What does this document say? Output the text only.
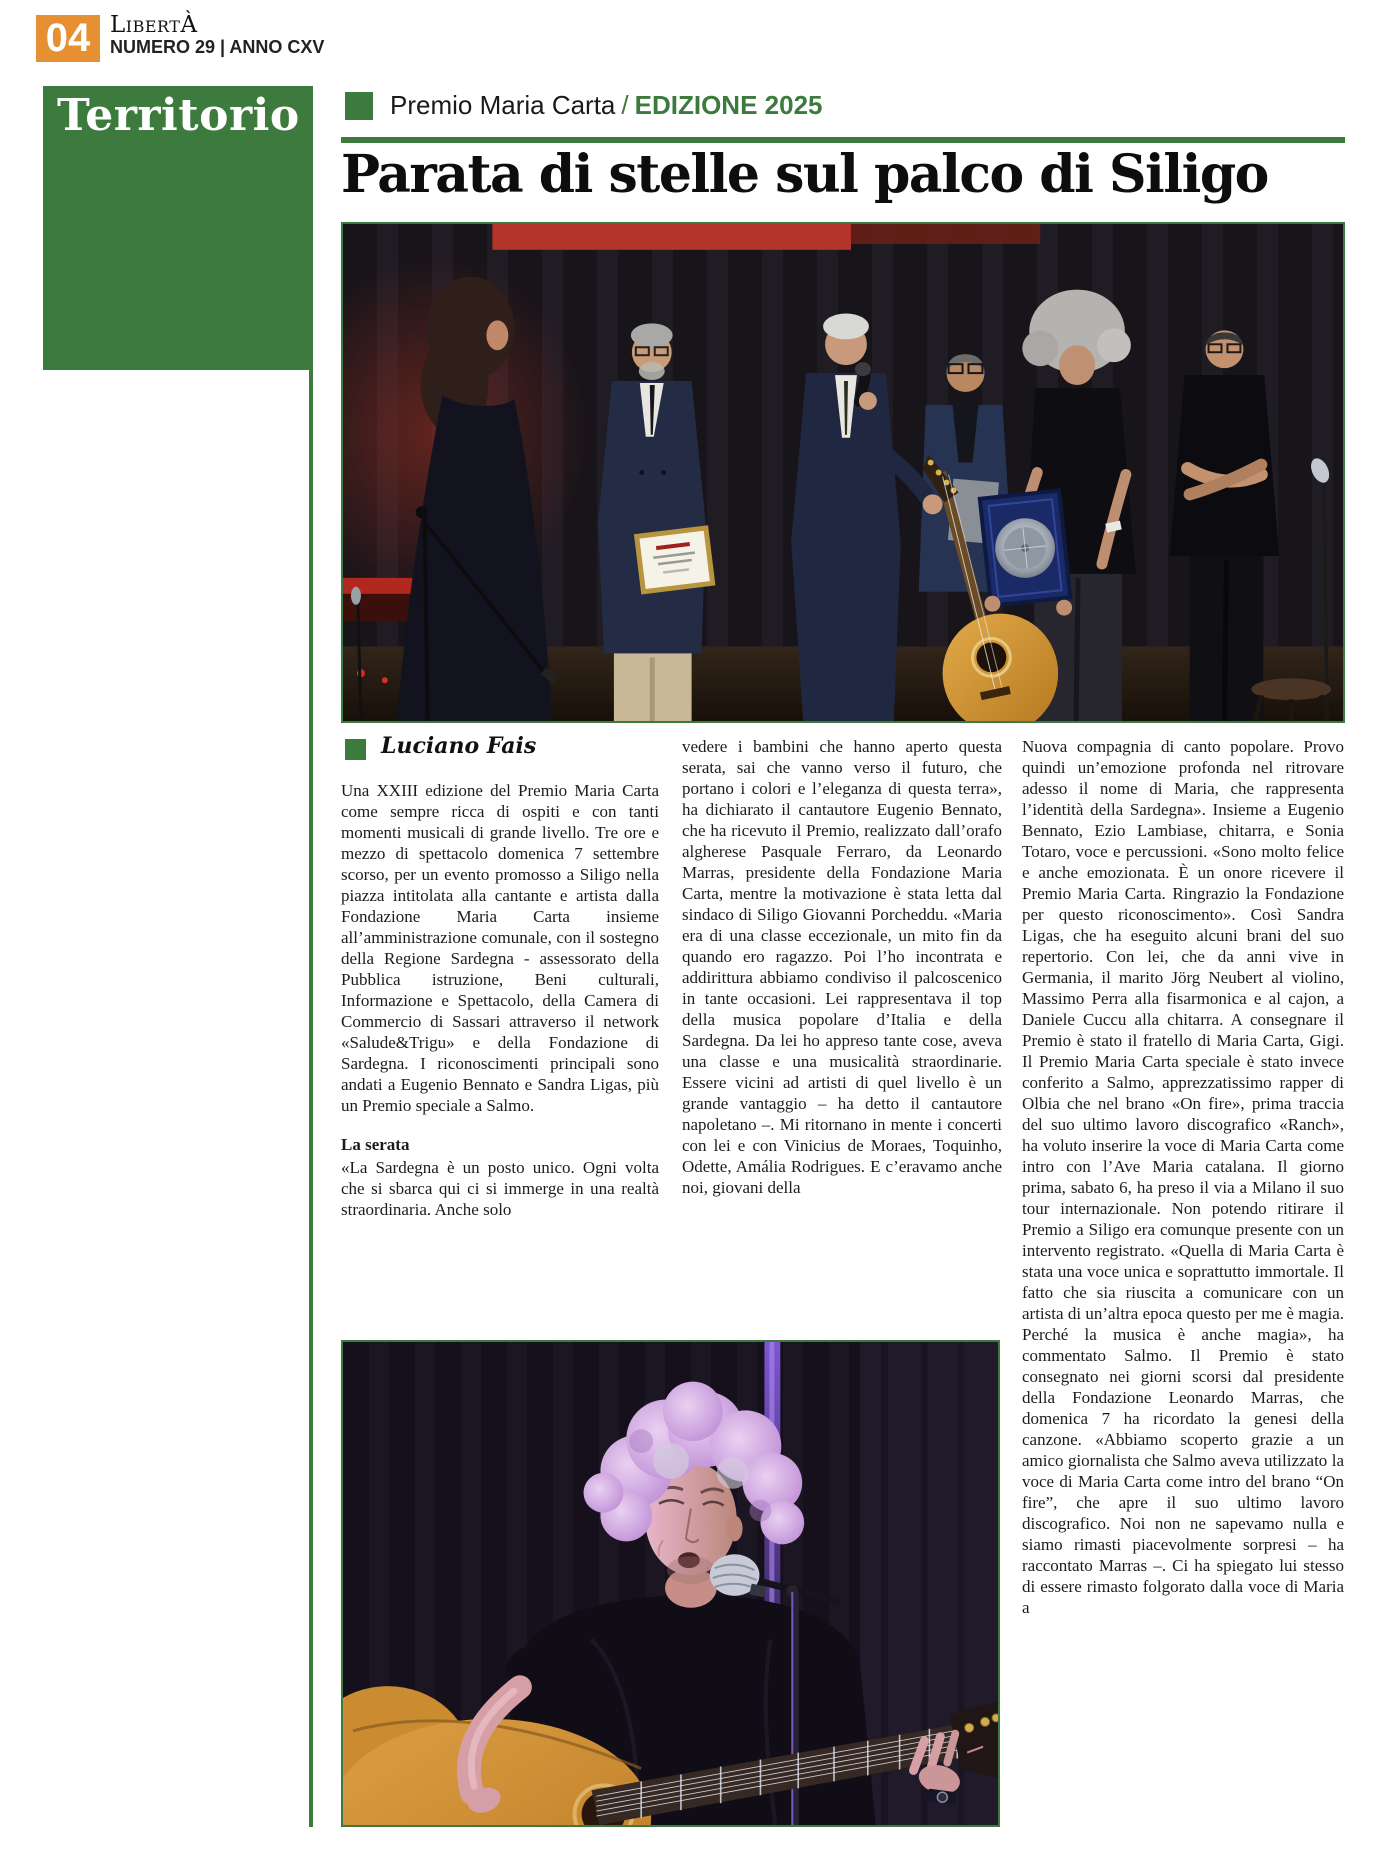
04 LibertÀ
NUMERO 29 | ANNO CXV
Territorio	Premio Maria Carta / EDIZIONE 2025
Parata di stelle sul palco di Siligo
Luciano Fais
Una XXIII edizione del Premio Maria Carta come sempre ricca di ospiti e con tanti momenti musicali di grande livello. Tre ore e mezzo di spettacolo domenica 7 settembre scorso, per un evento promosso a Siligo nella piazza intitolata alla cantante e artista dalla Fondazione Maria Carta insieme all’amministrazione comunale, con il sostegno della Regione Sardegna - assessorato della Pubblica istruzione, Beni culturali, Informazione e Spettacolo, della Camera di Commercio di Sassari attraverso il network «Salude&Trigu» e della Fondazione di Sardegna. I riconoscimenti principali sono andati a Eugenio Bennato e Sandra Ligas, più un Premio speciale a Salmo.
La serata
«La Sardegna è un posto unico. Ogni volta che si sbarca qui ci si immerge in una realtà straordinaria. Anche solo
vedere i bambini che hanno aperto questa serata, sai che vanno verso il futuro, che portano i colori e l’eleganza di questa terra», ha dichiarato il cantautore Eugenio Bennato, che ha ricevuto il Premio, realizzato dall’orafo algherese Pasquale Ferraro, da Leonardo Marras, presidente della Fondazione Maria Carta, mentre la motivazione è stata letta dal sindaco di Siligo Giovanni Porcheddu. «Maria era di una classe eccezionale, un mito fin da quando ero ragazzo. Poi l’ho incontrata e addirittura abbiamo condiviso il palcoscenico in tante occasioni. Lei rappresentava il top della musica popolare d’Italia e della Sardegna. Da lei ho appreso tante cose, aveva una classe e una musicalità straordinarie. Essere vicini ad artisti di quel livello è un grande vantaggio – ha detto il cantautore napoletano –. Mi ritornano in mente i concerti con lei e con Vinicius de Moraes, Toquinho, Odette, Amália Rodrigues. E c’eravamo anche noi, giovani della
Nuova compagnia di canto popolare. Provo quindi un’emozione profonda nel ritrovare adesso il nome di Maria, che rappresenta l’identità della Sardegna». Insieme a Eugenio Bennato, Ezio Lambiase, chitarra, e Sonia Totaro, voce e percussioni. «Sono molto felice e anche emozionata. È un onore ricevere il Premio Maria Carta. Ringrazio la Fondazione per questo riconoscimento». Così Sandra Ligas, che ha eseguito alcuni brani del suo repertorio. Con lei, che da anni vive in Germania, il marito Jörg Neubert al violino, Massimo Perra alla fisarmonica e al cajon, a Daniele Cuccu alla chitarra. A consegnare il Premio è stato il fratello di Maria Carta, Gigi. Il Premio Maria Carta speciale è stato invece conferito a Salmo, apprezzatissimo rapper di Olbia che nel brano «On fire», prima traccia del suo ultimo lavoro discografico «Ranch», ha voluto inserire la voce di Maria Carta come intro con l’Ave Maria catalana. Il giorno prima, sabato 6, ha preso il via a Milano il suo tour internazionale. Non potendo ritirare il Premio a Siligo era comunque presente con un intervento registrato. «Quella di Maria Carta è stata una voce unica e soprattutto immortale. Il fatto che sia riuscita a comunicare con un artista di un’altra epoca questo per me è magia. Perché la musica è anche magia», ha commentato Salmo. Il Premio è stato consegnato nei giorni scorsi dal presidente della Fondazione Leonardo Marras, che domenica 7 ha ricordato la genesi della canzone. «Abbiamo scoperto grazie a un amico giornalista che Salmo aveva utilizzato la voce di Maria Carta come intro del brano “On fire”, che apre il suo ultimo lavoro discografico. Noi non ne sapevamo nulla e siamo rimasti piacevolmente sorpresi – ha raccontato Marras –. Ci ha spiegato lui stesso di essere rimasto folgorato dalla voce di Maria a
